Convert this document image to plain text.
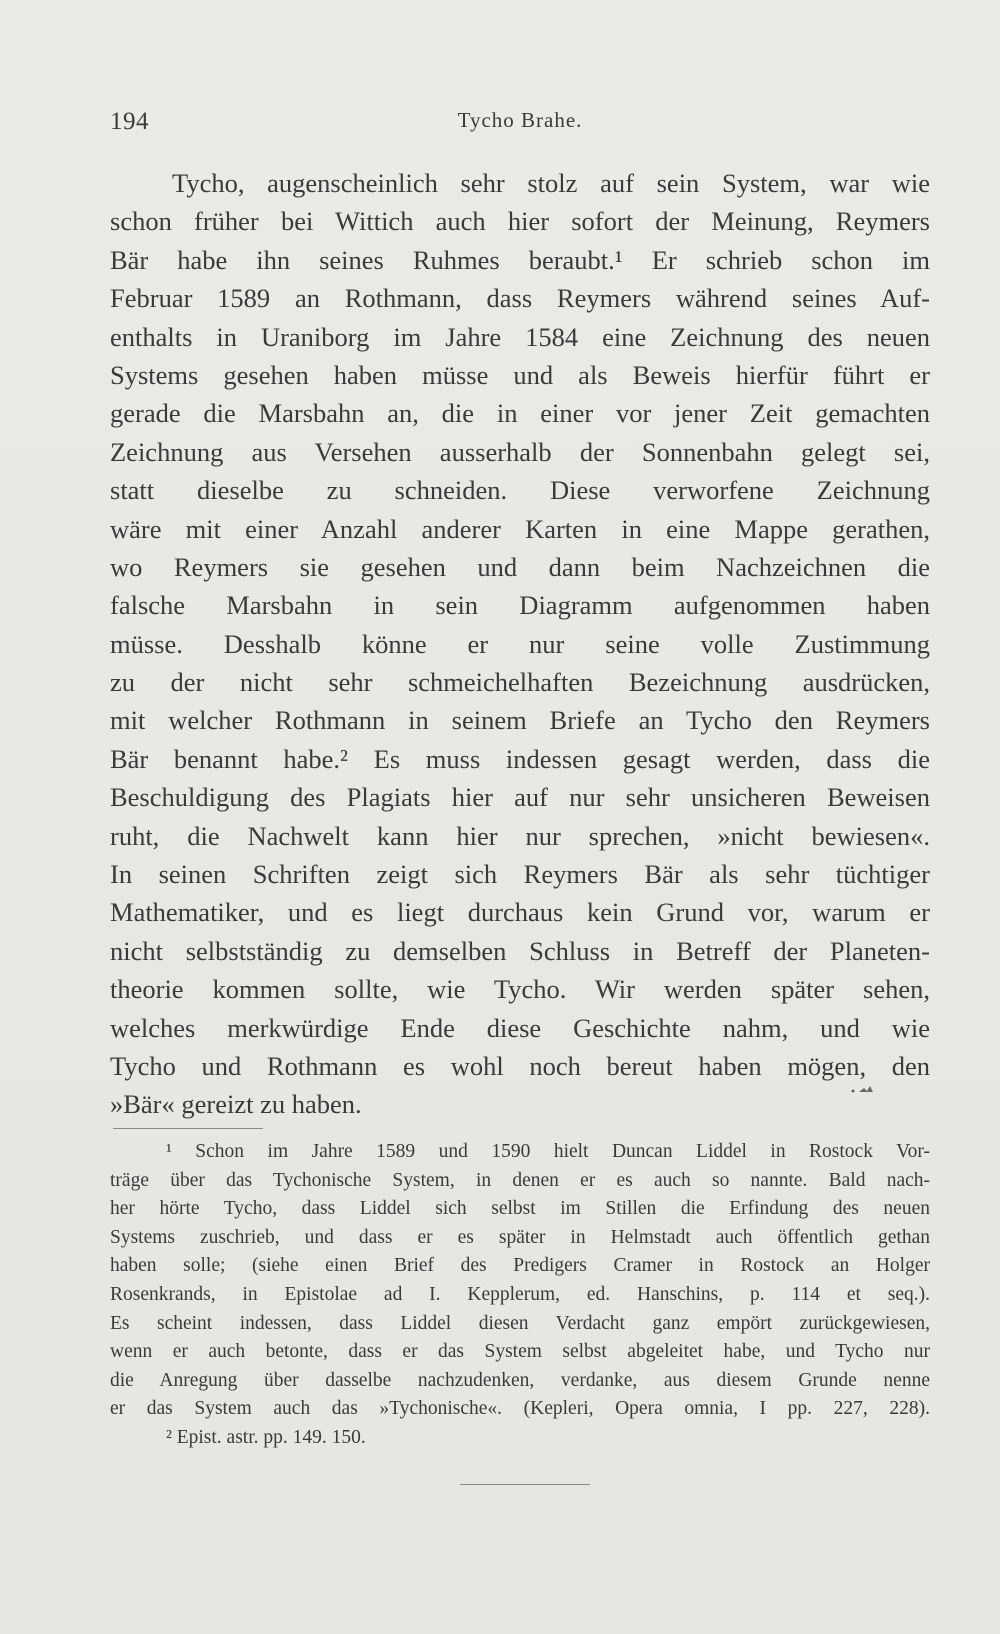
194	Tycho Brahe.
Tycho, augenscheinlich sehr stolz auf sein System, war wie
schon früher bei Wittich auch hier sofort der Meinung, Reymers
Bär habe ihn seines Ruhmes beraubt.¹ Er schrieb schon im
Februar 1589 an Rothmann, dass Reymers während seines Auf-
enthalts in Uraniborg im Jahre 1584 eine Zeichnung des neuen
Systems gesehen haben müsse und als Beweis hierfür führt er
gerade die Marsbahn an, die in einer vor jener Zeit gemachten
Zeichnung aus Versehen ausserhalb der Sonnenbahn gelegt sei,
statt dieselbe zu schneiden. Diese verworfene Zeichnung
wäre mit einer Anzahl anderer Karten in eine Mappe gerathen,
wo Reymers sie gesehen und dann beim Nachzeichnen die
falsche Marsbahn in sein Diagramm aufgenommen haben
müsse. Desshalb könne er nur seine volle Zustimmung
zu der nicht sehr schmeichelhaften Bezeichnung ausdrücken,
mit welcher Rothmann in seinem Briefe an Tycho den Reymers
Bär benannt habe.² Es muss indessen gesagt werden, dass die
Beschuldigung des Plagiats hier auf nur sehr unsicheren Beweisen
ruht, die Nachwelt kann hier nur sprechen, »nicht bewiesen«.
In seinen Schriften zeigt sich Reymers Bär als sehr tüchtiger
Mathematiker, und es liegt durchaus kein Grund vor, warum er
nicht selbstständig zu demselben Schluss in Betreff der Planeten-
theorie kommen sollte, wie Tycho. Wir werden später sehen,
welches merkwürdige Ende diese Geschichte nahm, und wie
Tycho und Rothmann es wohl noch bereut haben mögen, den
»Bär« gereizt zu haben.
¹ Schon im Jahre 1589 und 1590 hielt Duncan Liddel in Rostock Vor-
träge über das Tychonische System, in denen er es auch so nannte. Bald nach-
her hörte Tycho, dass Liddel sich selbst im Stillen die Erfindung des neuen
Systems zuschrieb, und dass er es später in Helmstadt auch öffentlich gethan
haben solle; (siehe einen Brief des Predigers Cramer in Rostock an Holger
Rosenkrands, in Epistolae ad I. Kepplerum, ed. Hanschins, p. 114 et seq.).
Es scheint indessen, dass Liddel diesen Verdacht ganz empört zurückgewiesen,
wenn er auch betonte, dass er das System selbst abgeleitet habe, und Tycho nur
die Anregung über dasselbe nachzudenken, verdanke, aus diesem Grunde nenne
er das System auch das »Tychonische«. (Kepleri, Opera omnia, I pp. 227, 228).
² Epist. astr. pp. 149. 150.
